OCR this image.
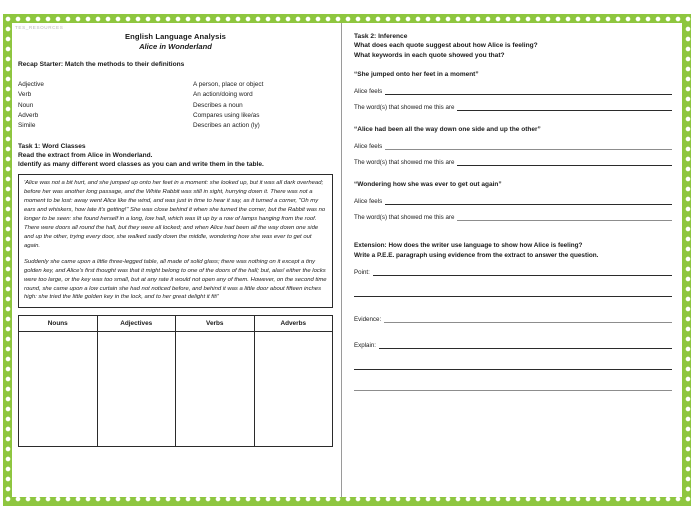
TES_RESOURCES
English Language Analysis
Alice in Wonderland
Recap Starter: Match the methods to their definitions
Adjective	A person, place or object
Verb	An action/doing word
Noun	Describes a noun
Adverb	Compares using like/as
Simile	Describes an action (ly)
Task 1: Word Classes
Read the extract from Alice in Wonderland.
Identify as many different word classes as you can and write them in the table.

'Alice was not a bit hurt, and she jumped up onto her feet in a moment: she looked up, but it was all dark overhead; before her was another long passage, and the White Rabbit was still in sight, hurrying down it. There was not a moment to be lost: away went Alice like the wind, and was just in time to hear it say, as it turned a corner, "Oh my ears and whiskers, how late it's getting!" She was close behind it when she turned the corner, but the Rabbit was no longer to be seen: she found herself in a long, low hall, which was lit up by a row of lamps hanging from the roof. There were doors all round the hall, but they were all locked; and when Alice had been all the way down one side and up the other, trying every door, she walked sadly down the middle, wondering how she was ever to get out again.

Suddenly she came upon a little three-legged table, all made of solid glass; there was nothing on it except a tiny golden key, and Alice's first thought was that it might belong to one of the doors of the hall; but, alas! either the locks were too large, or the key was too small, but at any rate it would not open any of them. However, on the second time round, she came upon a low curtain she had not noticed before, and behind it was a little door about fifteen inches high: she tried the little golden key in the lock, and to her great delight it fit!'

Nouns	Adjectives	Verbs	Adverbs

Task 2: Inference
What does each quote suggest about how Alice is feeling?
What keywords in each quote showed you that?
“She jumped onto her feet in a moment”
Alice feels
The word(s) that showed me this are
“Alice had been all the way down one side and up the other”
Alice feels
The word(s) that showed me this are
“Wondering how she was ever to get out again”
Alice feels
The word(s) that showed me this are
Extension: How does the writer use language to show how Alice is feeling?
Write a P.E.E. paragraph using evidence from the extract to answer the question.
Point:
Evidence:
Explain:
